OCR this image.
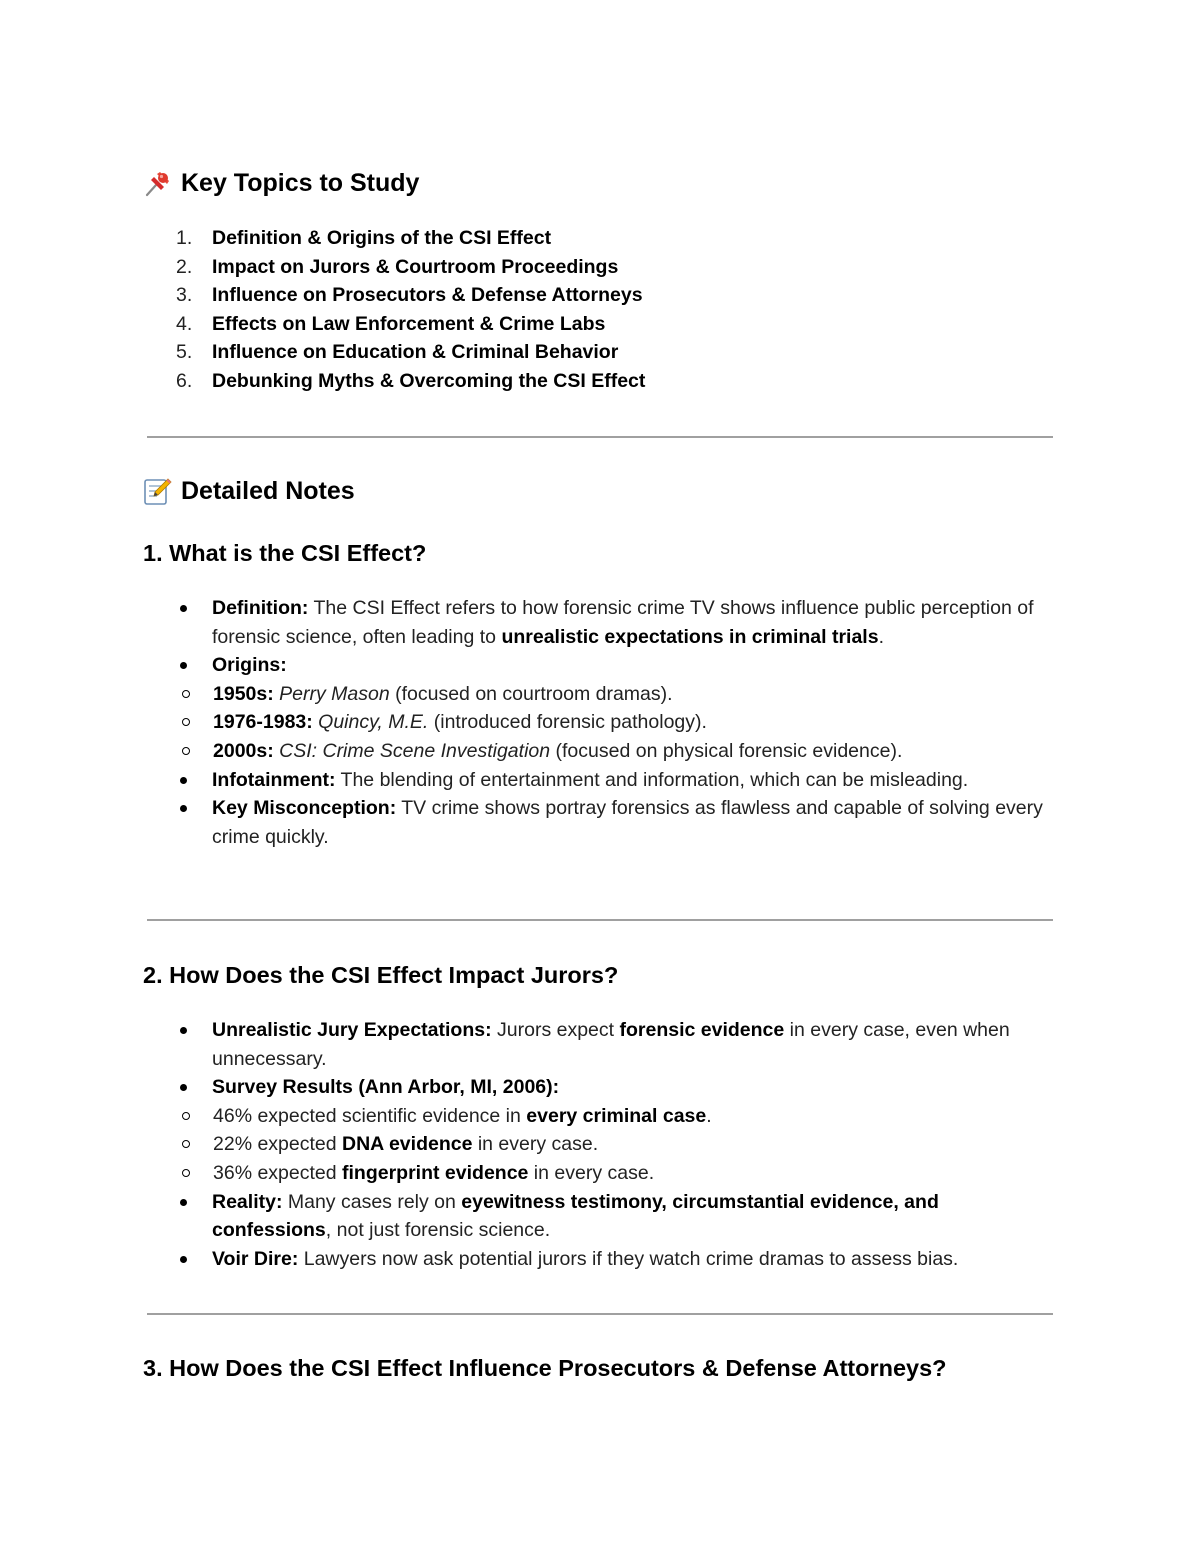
Key Topics to Study
1. Definition & Origins of the CSI Effect
2. Impact on Jurors & Courtroom Proceedings
3. Influence on Prosecutors & Defense Attorneys
4. Effects on Law Enforcement & Crime Labs
5. Influence on Education & Criminal Behavior
6. Debunking Myths & Overcoming the CSI Effect
Detailed Notes
1. What is the CSI Effect?
Definition: The CSI Effect refers to how forensic crime TV shows influence public perception of forensic science, often leading to unrealistic expectations in criminal trials.
Origins:
1950s: Perry Mason (focused on courtroom dramas).
1976-1983: Quincy, M.E. (introduced forensic pathology).
2000s: CSI: Crime Scene Investigation (focused on physical forensic evidence).
Infotainment: The blending of entertainment and information, which can be misleading.
Key Misconception: TV crime shows portray forensics as flawless and capable of solving every crime quickly.
2. How Does the CSI Effect Impact Jurors?
Unrealistic Jury Expectations: Jurors expect forensic evidence in every case, even when unnecessary.
Survey Results (Ann Arbor, MI, 2006):
46% expected scientific evidence in every criminal case.
22% expected DNA evidence in every case.
36% expected fingerprint evidence in every case.
Reality: Many cases rely on eyewitness testimony, circumstantial evidence, and confessions, not just forensic science.
Voir Dire: Lawyers now ask potential jurors if they watch crime dramas to assess bias.
3. How Does the CSI Effect Influence Prosecutors & Defense Attorneys?
